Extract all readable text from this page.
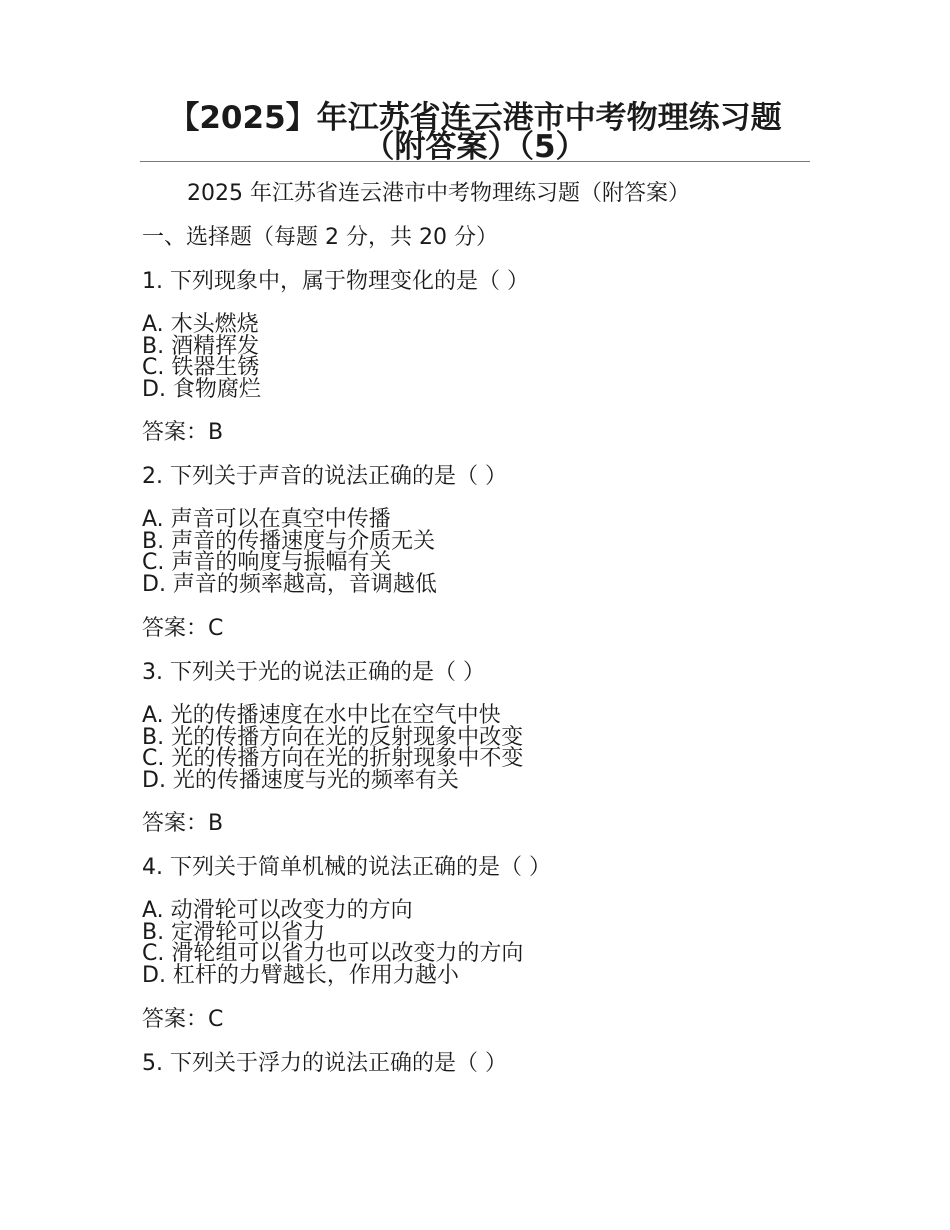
【2025】年江苏省连云港市中考物理练习题（附答案）（5）
2025 年江苏省连云港市中考物理练习题（附答案）
一、选择题（每题 2 分，共 20 分）
1. 下列现象中，属于物理变化的是（ ）
A. 木头燃烧
B. 酒精挥发
C. 铁器生锈
D. 食物腐烂
答案：B
2. 下列关于声音的说法正确的是（ ）
A. 声音可以在真空中传播
B. 声音的传播速度与介质无关
C. 声音的响度与振幅有关
D. 声音的频率越高，音调越低
答案：C
3. 下列关于光的说法正确的是（ ）
A. 光的传播速度在水中比在空气中快
B. 光的传播方向在光的反射现象中改变
C. 光的传播方向在光的折射现象中不变
D. 光的传播速度与光的频率有关
答案：B
4. 下列关于简单机械的说法正确的是（ ）
A. 动滑轮可以改变力的方向
B. 定滑轮可以省力
C. 滑轮组可以省力也可以改变力的方向
D. 杠杆的力臂越长，作用力越小
答案：C
5. 下列关于浮力的说法正确的是（ ）
